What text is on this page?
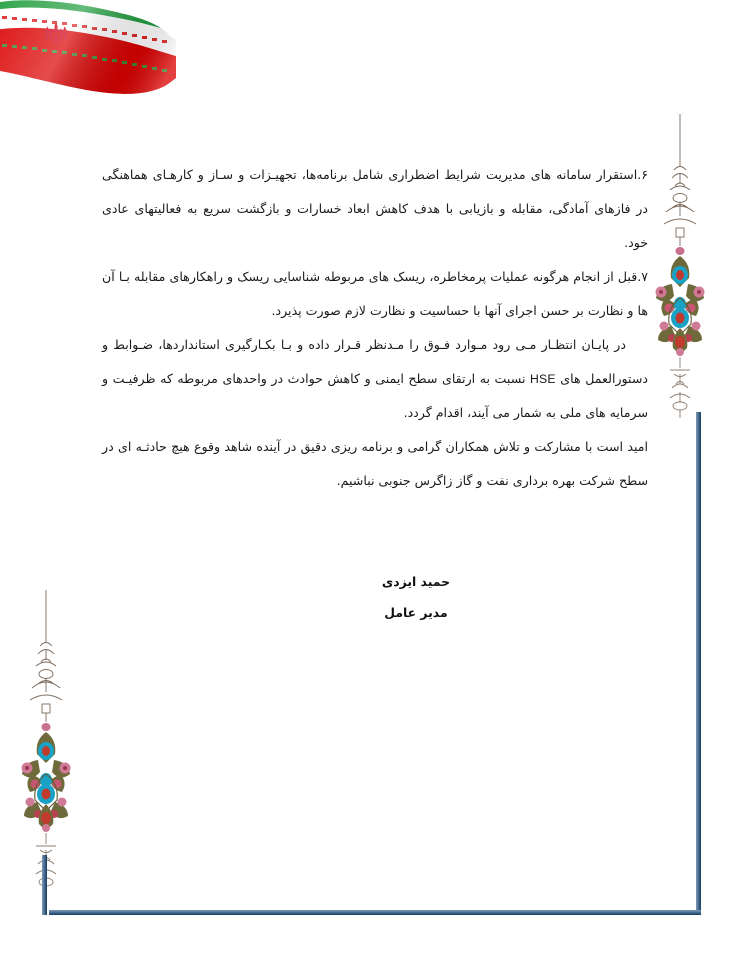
۶.استقرار سامانه های مدیریت شرایط اضطراری شامل برنامه‌ها، تجهیـزات و سـاز و کارهـای هماهنگی در فازهای آمادگی، مقابله و بازیابی با هدف کاهش ابعاد خسارات و بازگشت سریع به فعالیتهای عادی خود.

۷.قبل از انجام هرگونه عملیات پرمخاطره، ریسک های مربوطه شناسایی ریسک و راهکارهای مقابله بـا آن ها و نظارت بر حسن اجرای آنها با حساسیت و نظارت لازم صورت پذیرد.

در پایـان انتظـار مـی رود مـوارد فـوق را مـدنظر قـرار داده و بـا بکـارگیری استانداردها، ضـوابط و دستورالعمل های HSE نسبت به ارتقای سطح ایمنی و کاهش حوادث در واحدهای مربوطه که ظرفیـت و سرمایه های ملی به شمار می آیند، اقدام گردد.

امید است با مشارکت و تلاش همکاران گرامی و برنامه ریزی دقیق در آینده شاهد وقوع هیچ حادثـه ای در سطح شرکت بهره برداری نفت و گاز زاگرس جنوبی نباشیم.

حمید ایزدی
مدیر عامل
